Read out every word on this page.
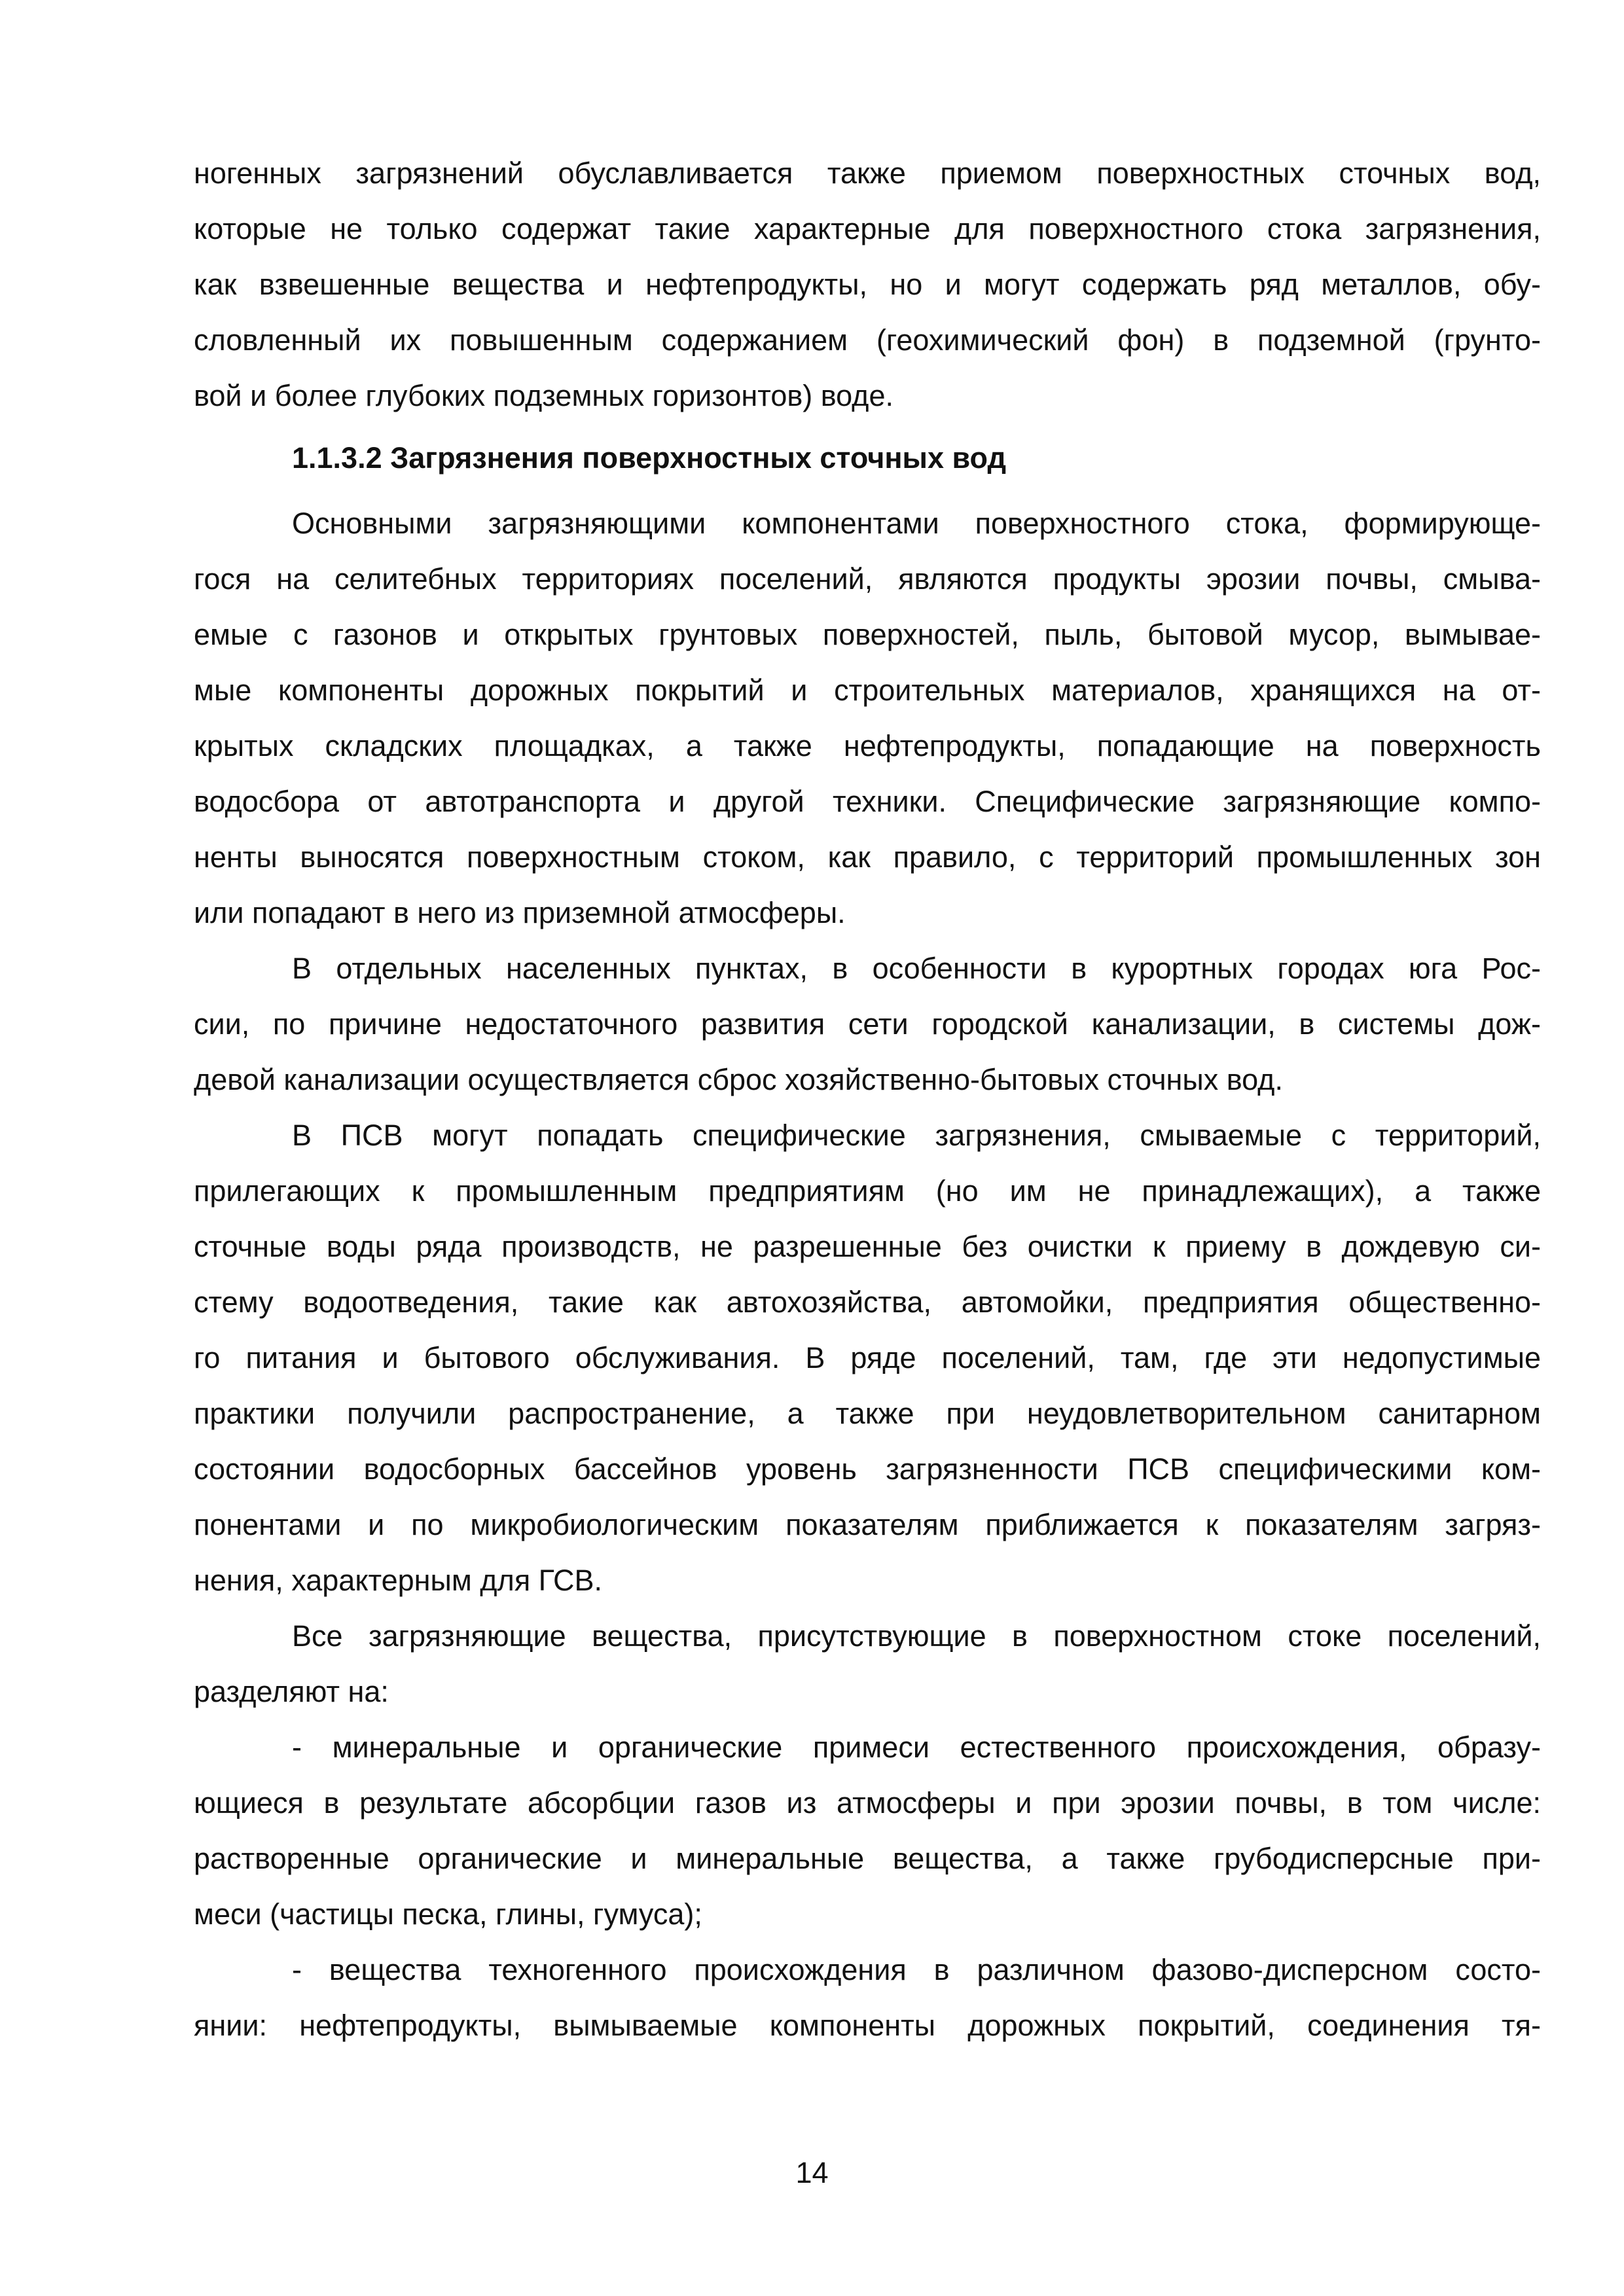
ногенных загрязнений обуславливается также приемом поверхностных сточных вод,
которые не только содержат такие характерные для поверхностного стока загрязнения,
как взвешенные вещества и нефтепродукты, но и могут содержать ряд металлов, обу-
словленный их повышенным содержанием (геохимический фон) в подземной (грунто-
вой и более глубоких подземных горизонтов) воде.
1.1.3.2 Загрязнения поверхностных сточных вод
Основными загрязняющими компонентами поверхностного стока, формирующе-
гося на селитебных территориях поселений, являются продукты эрозии почвы, смыва-
емые с газонов и открытых грунтовых поверхностей, пыль, бытовой мусор, вымывае-
мые компоненты дорожных покрытий и строительных материалов, хранящихся на от-
крытых складских площадках, а также нефтепродукты, попадающие на поверхность
водосбора от автотранспорта и другой техники. Специфические загрязняющие компо-
ненты выносятся поверхностным стоком, как правило, с территорий промышленных зон
или попадают в него из приземной атмосферы.
В отдельных населенных пунктах, в особенности в курортных городах юга Рос-
сии, по причине недостаточного развития сети городской канализации, в системы дож-
девой канализации осуществляется сброс хозяйственно-бытовых сточных вод.
В ПСВ могут попадать специфические загрязнения, смываемые с территорий,
прилегающих к промышленным предприятиям (но им не принадлежащих), а также
сточные воды ряда производств, не разрешенные без очистки к приему в дождевую си-
стему водоотведения, такие как автохозяйства, автомойки, предприятия общественно-
го питания и бытового обслуживания. В ряде поселений, там, где эти недопустимые
практики получили распространение, а также при неудовлетворительном санитарном
состоянии водосборных бассейнов уровень загрязненности ПСВ специфическими ком-
понентами и по микробиологическим показателям приближается к показателям загряз-
нения, характерным для ГСВ.
Все загрязняющие вещества, присутствующие в поверхностном стоке поселений,
разделяют на:
- минеральные и органические примеси естественного происхождения, образу-
ющиеся в результате абсорбции газов из атмосферы и при эрозии почвы, в том числе:
растворенные органические и минеральные вещества, а также грубодисперсные при-
меси (частицы песка, глины, гумуса);
- вещества техногенного происхождения в различном фазово-дисперсном состо-
янии: нефтепродукты, вымываемые компоненты дорожных покрытий, соединения тя-
14
